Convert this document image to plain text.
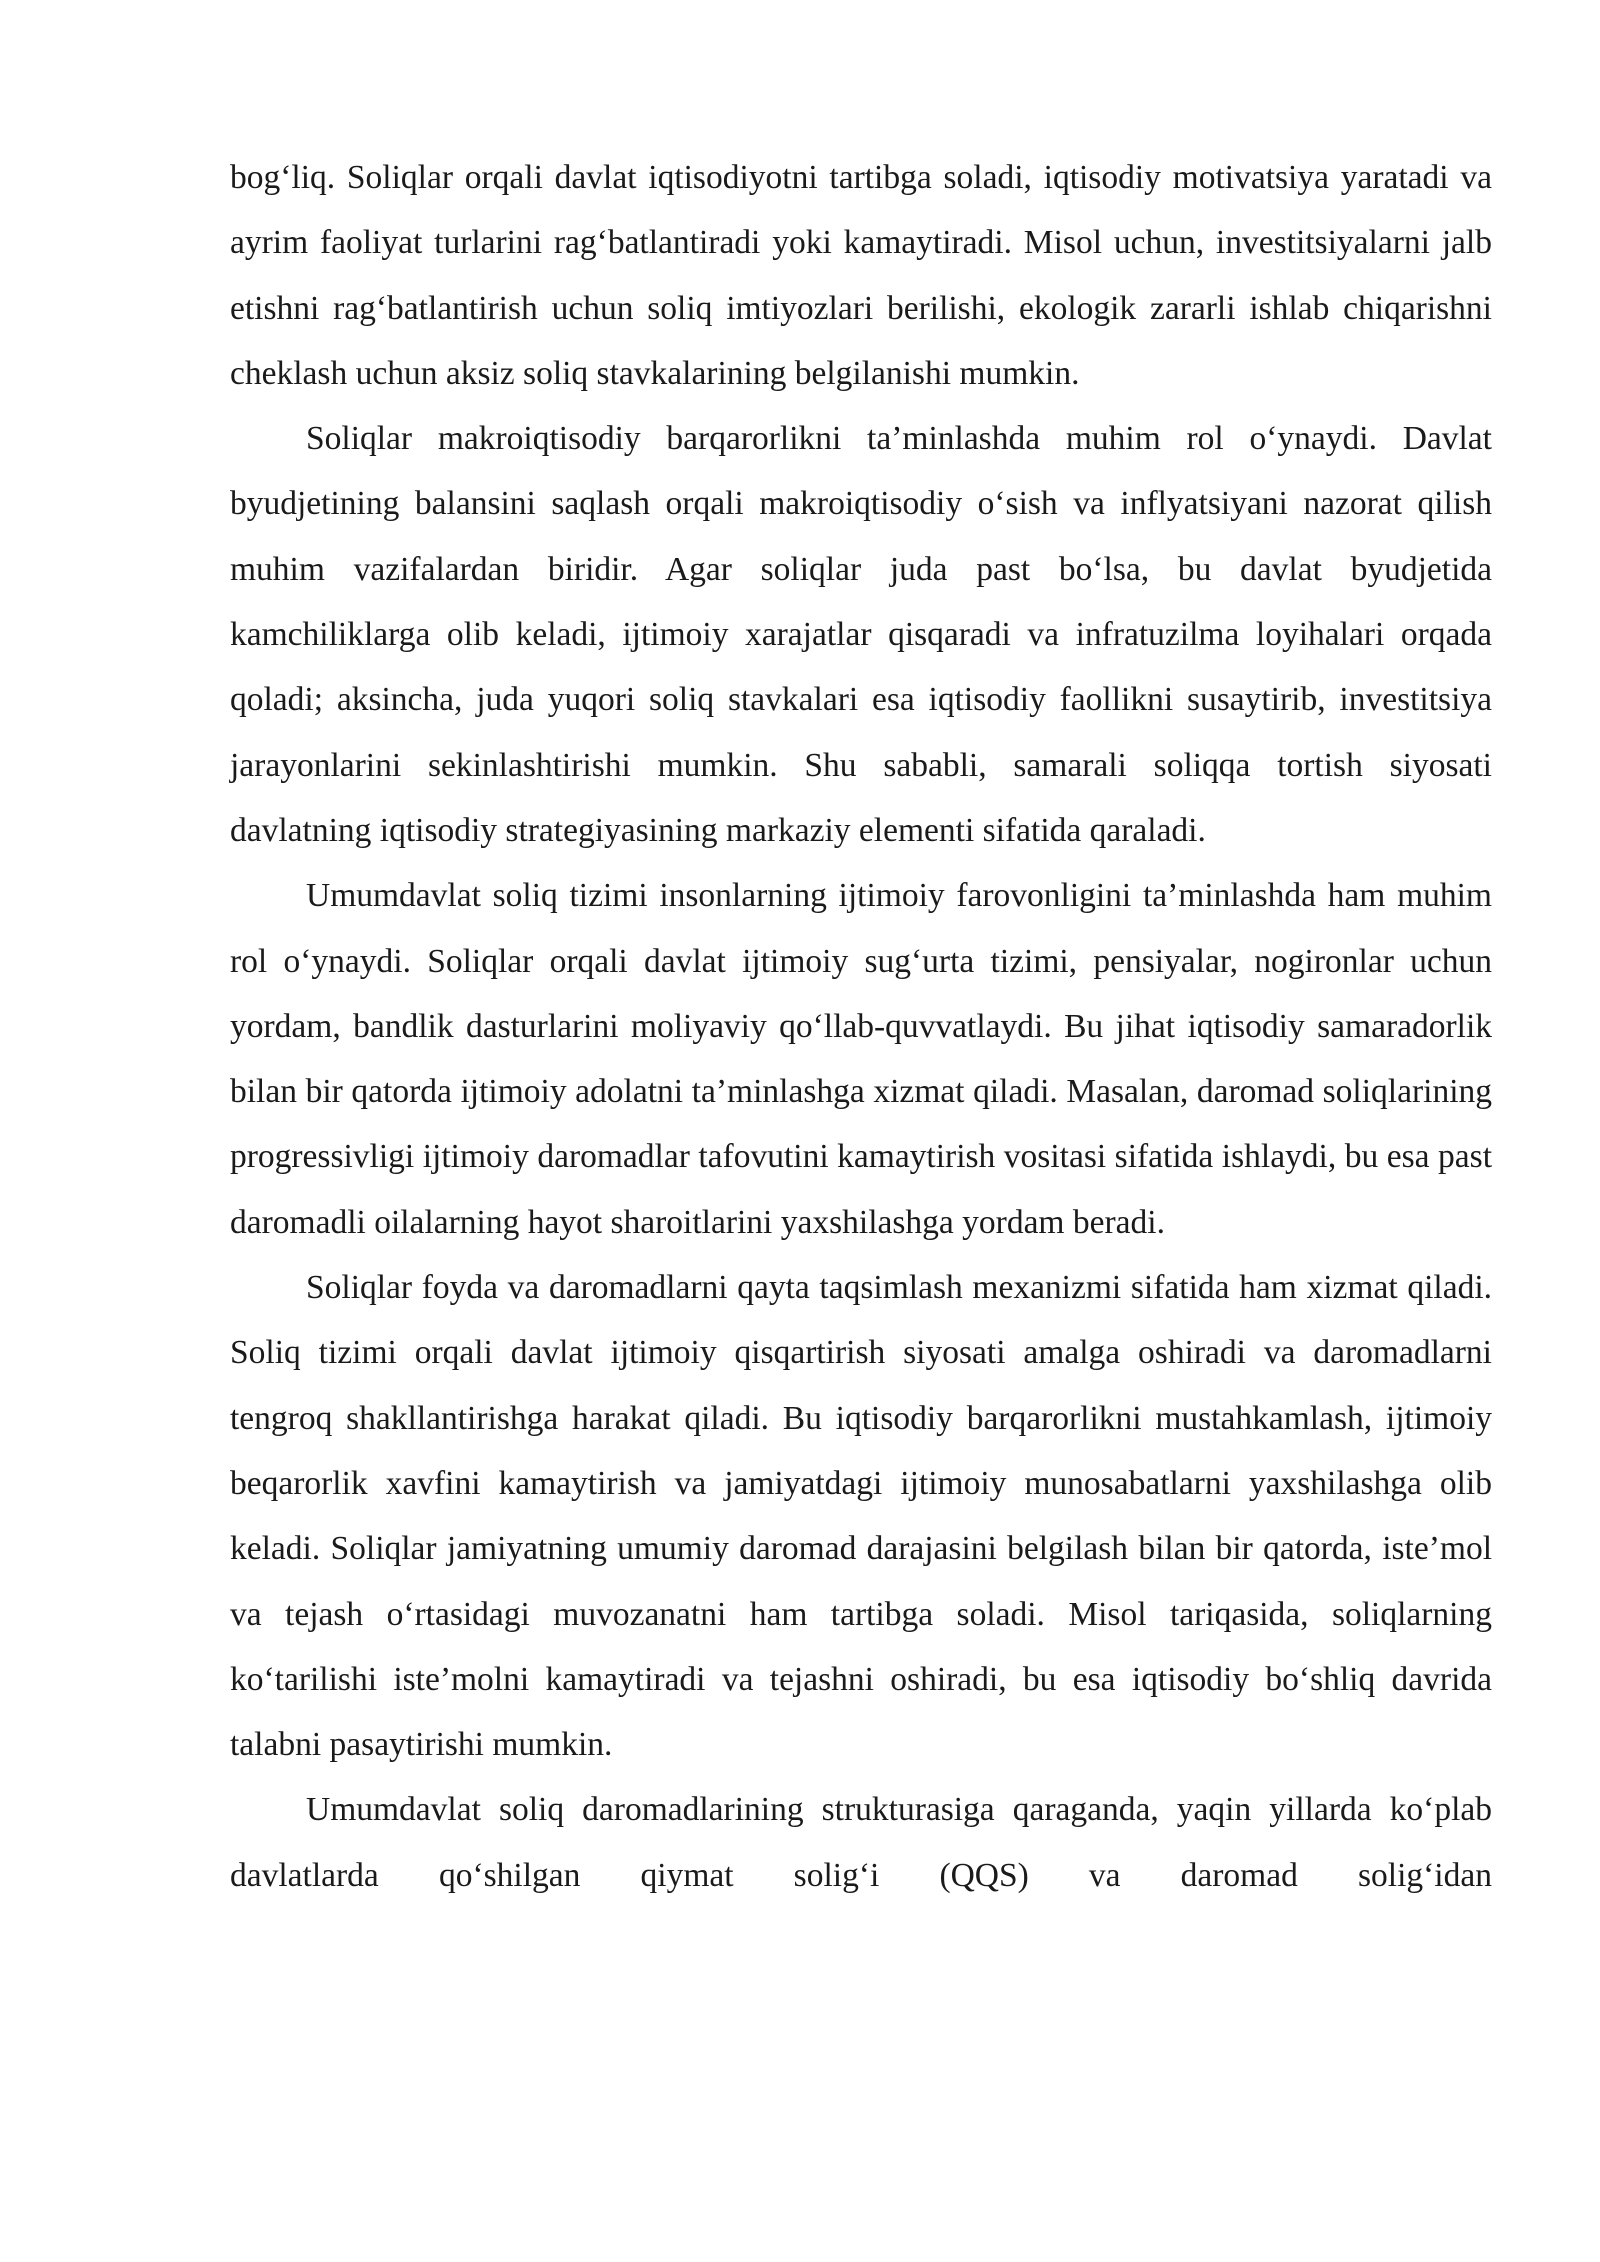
bog‘liq. Soliqlar orqali davlat iqtisodiyotni tartibga soladi, iqtisodiy motivatsiya yaratadi va ayrim faoliyat turlarini rag‘batlantiradi yoki kamaytiradi. Misol uchun, investitsiyalarni jalb etishni rag‘batlantirish uchun soliq imtiyozlari berilishi, ekologik zararli ishlab chiqarishni cheklash uchun aksiz soliq stavkalarining belgilanishi mumkin.

Soliqlar makroiqtisodiy barqarorlikni ta’minlashda muhim rol o‘ynaydi. Davlat byudjetining balansini saqlash orqali makroiqtisodiy o‘sish va inflyatsiyani nazorat qilish muhim vazifalardan biridir. Agar soliqlar juda past bo‘lsa, bu davlat byudjetida kamchiliklarga olib keladi, ijtimoiy xarajatlar qisqaradi va infratuzilma loyihalari orqada qoladi; aksincha, juda yuqori soliq stavkalari esa iqtisodiy faollikni susaytirib, investitsiya jarayonlarini sekinlashtirishi mumkin. Shu sababli, samarali soliqqa tortish siyosati davlatning iqtisodiy strategiyasining markaziy elementi sifatida qaraladi.

Umumdavlat soliq tizimi insonlarning ijtimoiy farovonligini ta’minlashda ham muhim rol o‘ynaydi. Soliqlar orqali davlat ijtimoiy sug‘urta tizimi, pensiyalar, nogironlar uchun yordam, bandlik dasturlarini moliyaviy qo‘llab-quvvatlaydi. Bu jihat iqtisodiy samaradorlik bilan bir qatorda ijtimoiy adolatni ta’minlashga xizmat qiladi. Masalan, daromad soliqlarining progressivligi ijtimoiy daromadlar tafovutini kamaytirish vositasi sifatida ishlaydi, bu esa past daromadli oilalarning hayot sharoitlarini yaxshilashga yordam beradi.

Soliqlar foyda va daromadlarni qayta taqsimlash mexanizmi sifatida ham xizmat qiladi. Soliq tizimi orqali davlat ijtimoiy qisqartirish siyosati amalga oshiradi va daromadlarni tengroq shakllantirishga harakat qiladi. Bu iqtisodiy barqarorlikni mustahkamlash, ijtimoiy beqarorlik xavfini kamaytirish va jamiyatdagi ijtimoiy munosabatlarni yaxshilashga olib keladi. Soliqlar jamiyatning umumiy daromad darajasini belgilash bilan bir qatorda, iste’mol va tejash o‘rtasidagi muvozanatni ham tartibga soladi. Misol tariqasida, soliqlarning ko‘tarilishi iste’molni kamaytiradi va tejashni oshiradi, bu esa iqtisodiy bo‘shliq davrida talabni pasaytirishi mumkin.

Umumdavlat soliq daromadlarining strukturasiga qaraganda, yaqin yillarda ko‘plab davlatlarda qo‘shilgan qiymat solig‘i (QQS) va daromad solig‘idan
